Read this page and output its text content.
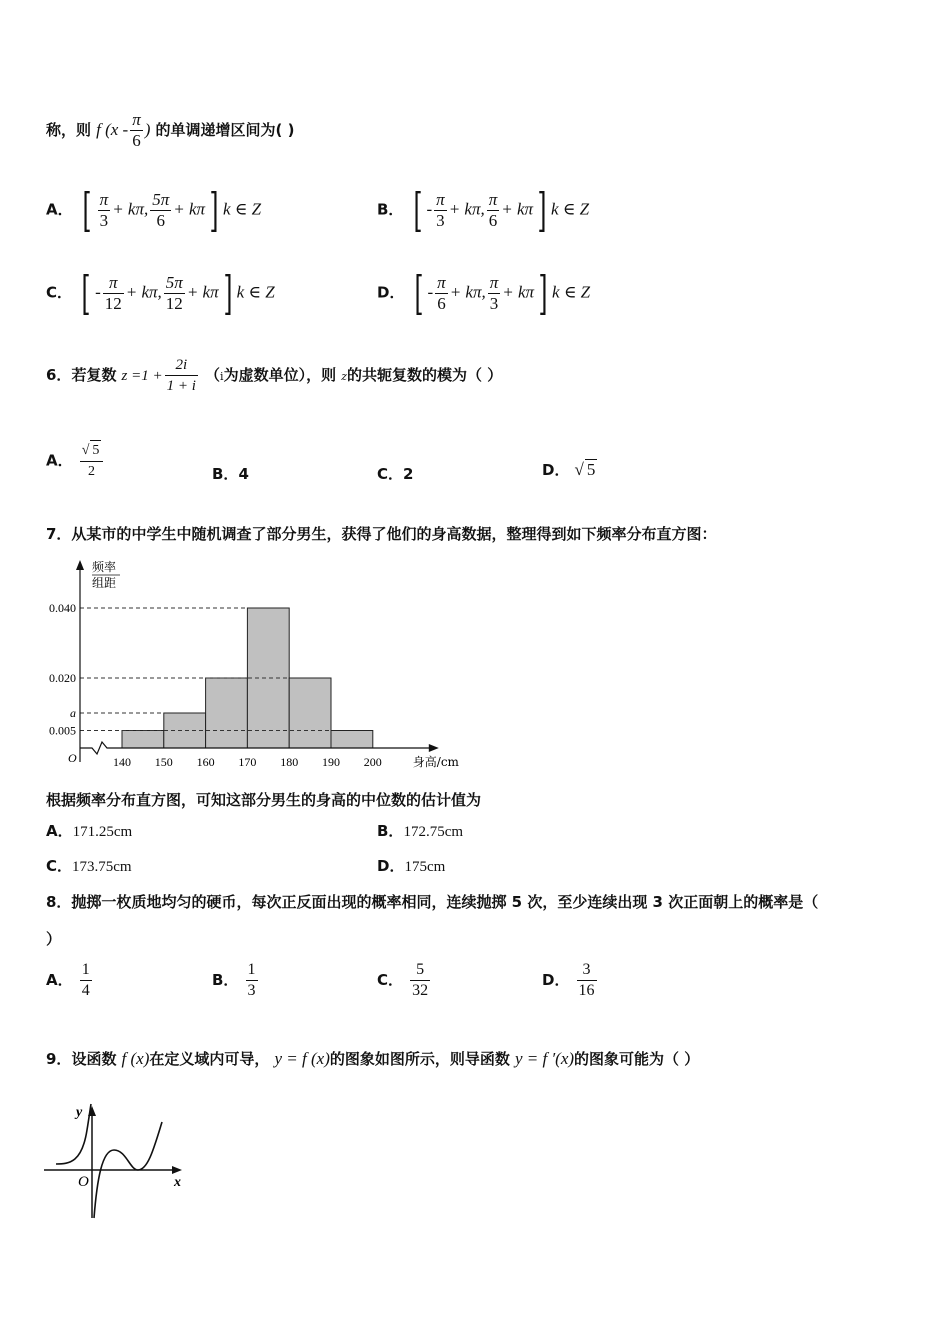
称，则 f ($x - \frac{\pi}{6}$ ) 的单调递增区间为( )
A． [ $\frac{\pi}{3} + k\pi$, $\frac{5\pi}{6} + k\pi$] k ∈ Z	B． [ - $\frac{\pi}{3} + k\pi$, $\frac{\pi}{6} + k\pi$] k ∈ Z
C． [ - $\frac{\pi}{12} + k\pi$, $\frac{5\pi}{12} + k\pi$] k ∈ Z	D． [ - $\frac{\pi}{6} + k\pi$, $\frac{\pi}{3} + k\pi$] k ∈ Z
6．若复数 $z =1 + \frac{2i}{1 + i} (i$为虚数单位），则 z的共轭复数的模为（ ）
A． $\frac{√ 5}{2}$	B．4	C．2	D． √ 5
7．从某市的中学生中随机调查了部分男生，获得了他们的身高数据，整理得到如下频率分布直方图：
0.040
0.020
a
0.005
140 150 160 170 180 190 200
O
频率
组距
身高/cm
根据频率分布直方图，可知这部分男生的身高的中位数的估计值为
A．171.25cm	B．172.75cm
C．173.75cm	D．175cm
8．抛掷一枚质地均匀的硬币，每次正反面出现的概率相同，连续抛掷 5 次，至少连续出现 3 次正面朝上的概率是（
）
A． $\frac{1}{4}$	B． $\frac{1}{3}$	C． $\frac{5}{32}$	D． $\frac{3}{16}$
9．设函数 f (x)在定义域内可导， y = f (x)的图象如图所示，则导函数 y = f ′(x)的图象可能为（ ）
y
x
O
